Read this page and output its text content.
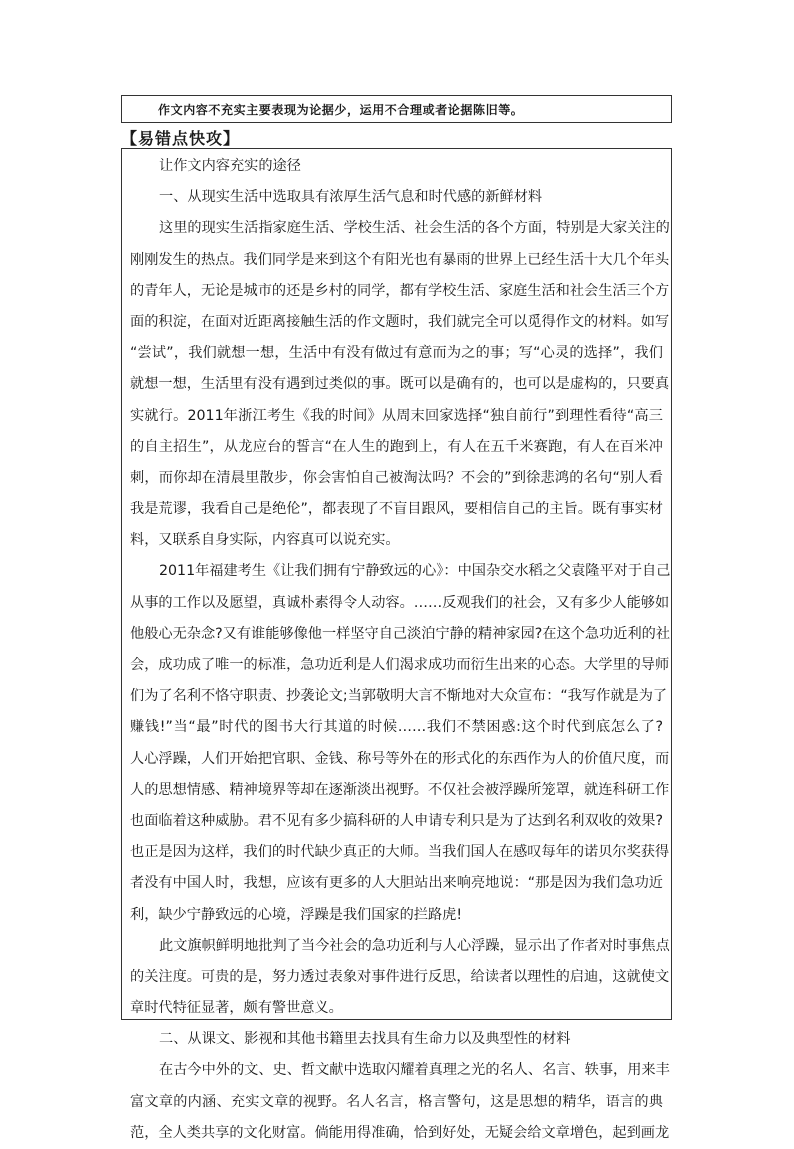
作文内容不充实主要表现为论据少，运用不合理或者论据陈旧等。

【易错点快攻】

让作文内容充实的途径

一、从现实生活中选取具有浓厚生活气息和时代感的新鲜材料

这里的现实生活指家庭生活、学校生活、社会生活的各个方面，特别是大家关注的

刚刚发生的热点。我们同学是来到这个有阳光也有暴雨的世界上已经生活十大几个年头

的青年人，无论是城市的还是乡村的同学，都有学校生活、家庭生活和社会生活三个方

面的积淀，在面对近距离接触生活的作文题时，我们就完全可以觅得作文的材料。如写

“尝试”，我们就想一想，生活中有没有做过有意而为之的事；写“心灵的选择”，我们

就想一想，生活里有没有遇到过类似的事。既可以是确有的，也可以是虚构的，只要真

实就行。2011年浙江考生《我的时间》从周末回家选择“独自前行”到理性看待“高三

的自主招生”，从龙应台的誓言“在人生的跑到上，有人在五千米赛跑，有人在百米冲

刺，而你却在清晨里散步，你会害怕自己被淘汰吗？不会的”到徐悲鸿的名句“别人看

我是荒谬，我看自己是绝伦”，都表现了不盲目跟风，要相信自己的主旨。既有事实材

料，又联系自身实际，内容真可以说充实。

2011年福建考生《让我们拥有宁静致远的心》：中国杂交水稻之父袁隆平对于自己

从事的工作以及愿望，真诚朴素得令人动容。……反观我们的社会，又有多少人能够如

他般心无杂念?又有谁能够像他一样坚守自己淡泊宁静的精神家园?在这个急功近利的社

会，成功成了唯一的标准，急功近利是人们渴求成功而衍生出来的心态。大学里的导师

们为了名利不恪守职责、抄袭论文;当郭敬明大言不惭地对大众宣布：“我写作就是为了

赚钱!”当“最”时代的图书大行其道的时候……我们不禁困惑:这个时代到底怎么了?

人心浮躁，人们开始把官职、金钱、称号等外在的形式化的东西作为人的价值尺度，而

人的思想情感、精神境界等却在逐渐淡出视野。不仅社会被浮躁所笼罩，就连科研工作

也面临着这种威胁。君不见有多少搞科研的人申请专利只是为了达到名利双收的效果?

也正是因为这样，我们的时代缺少真正的大师。当我们国人在感叹每年的诺贝尔奖获得

者没有中国人时，我想，应该有更多的人大胆站出来响亮地说：“那是因为我们急功近

利，缺少宁静致远的心境，浮躁是我们国家的拦路虎!

此文旗帜鲜明地批判了当今社会的急功近利与人心浮躁，显示出了作者对时事焦点

的关注度。可贵的是，努力透过表象对事件进行反思，给读者以理性的启迪，这就使文

章时代特征显著，颇有警世意义。

二、从课文、影视和其他书籍里去找具有生命力以及典型性的材料

在古今中外的文、史、哲文献中选取闪耀着真理之光的名人、名言、轶事，用来丰

富文章的内涵、充实文章的视野。名人名言，格言警句，这是思想的精华，语言的典

范，全人类共享的文化财富。倘能用得准确，恰到好处，无疑会给文章增色，起到画龙
